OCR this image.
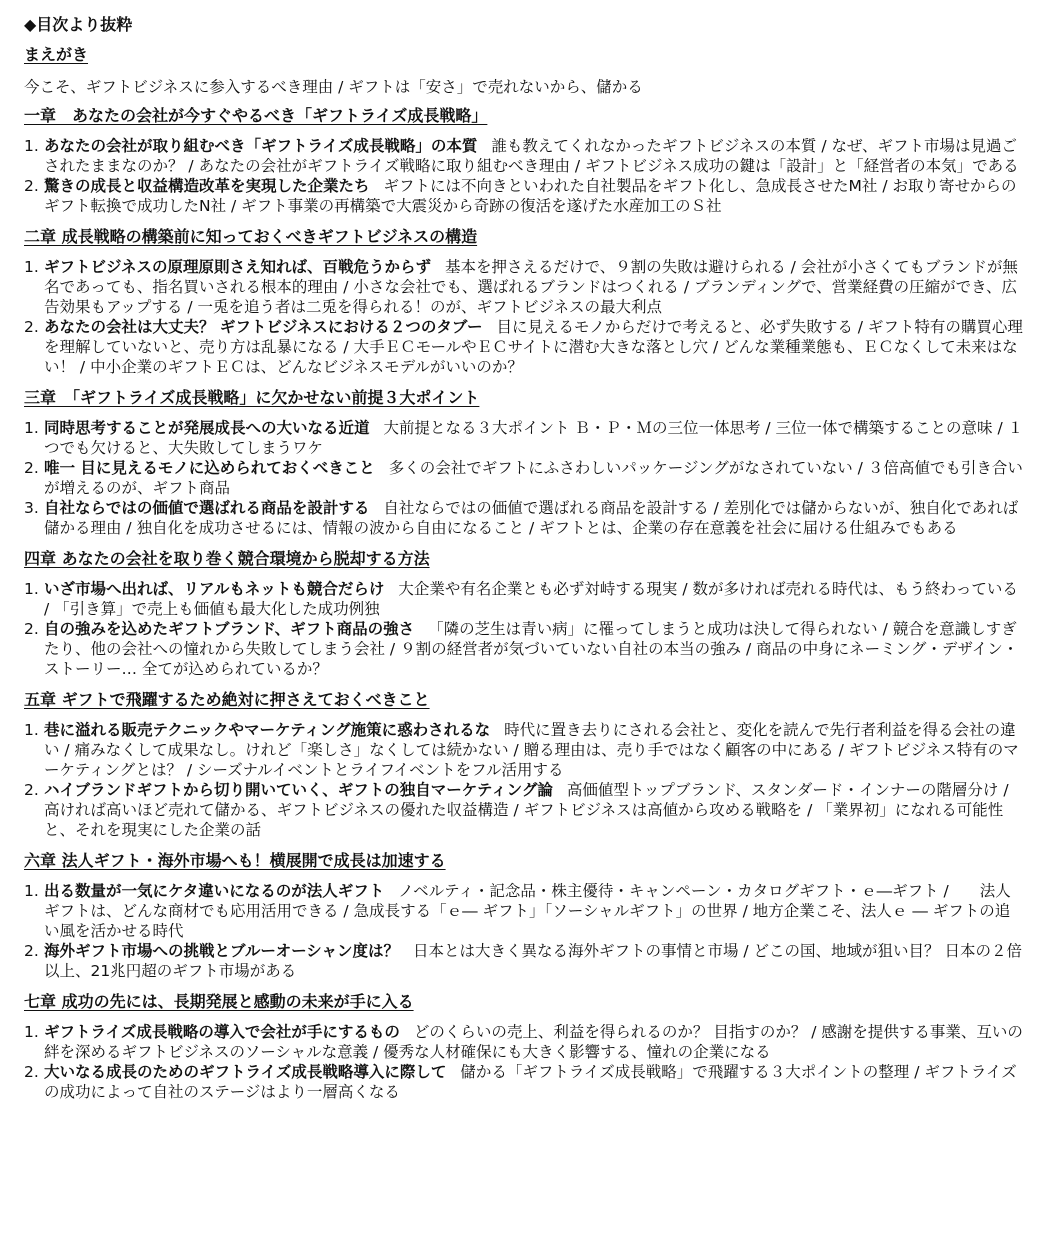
◆目次より抜粋
まえがき
今こそ、ギフトビジネスに参入するべき理由 / ギフトは「安さ」で売れないから、儲かる
一章　あなたの会社が今すぐやるべき「ギフトライズ成長戦略」
1. あなたの会社が取り組むべき「ギフトライズ成長戦略」の本質 誰も教えてくれなかったギフトビジネスの本質 / なぜ、ギフト市場は見過ごされたままなのか？ / あなたの会社がギフトライズ戦略に取り組むべき理由 / ギフトビジネス成功の鍵は「設計」と「経営者の本気」である
2. 驚きの成長と収益構造改革を実現した企業たち ギフトには不向きといわれた自社製品をギフト化し、急成長させたM社 / お取り寄せからのギフト転換で成功したN社 / ギフト事業の再構築で大震災から奇跡の復活を遂げた水産加工のＳ社
二章 成長戦略の構築前に知っておくべきギフトビジネスの構造
1. ギフトビジネスの原理原則さえ知れば、百戦危うからず 基本を押さえるだけで、９割の失敗は避けられる / 会社が小さくてもブランドが無名であっても、指名買いされる根本的理由 / 小さな会社でも、選ばれるブランドはつくれる / ブランディングで、営業経費の圧縮ができ、広告効果もアップする / 一兎を追う者は二兎を得られる！のが、ギフトビジネスの最大利点
2. あなたの会社は大丈夫？ ギフトビジネスにおける２つのタブー 目に見えるモノからだけで考えると、必ず失敗する / ギフト特有の購買心理を理解していないと、売り方は乱暴になる / 大手ＥＣモールやＥＣサイトに潜む大きな落とし穴 / どんな業種業態も、ＥＣなくして未来はない！ / 中小企業のギフトＥＣは、どんなビジネスモデルがいいのか？
三章　「ギフトライズ成長戦略」に欠かせない前提３大ポイント
1. 同時思考することが発展成長への大いなる近道 大前提となる３大ポイント Ｂ・Ｐ・Ｍの三位一体思考 / 三位一体で構築することの意味 / １つでも欠けると、大失敗してしまうワケ
2. 唯一 目に見えるモノに込められておくべきこと 多くの会社でギフトにふさわしいパッケージングがなされていない / ３倍高値でも引き合いが増えるのが、ギフト商品
3. 自社ならではの価値で選ばれる商品を設計する 自社ならではの価値で選ばれる商品を設計する / 差別化では儲からないが、独自化であれば儲かる理由 / 独自化を成功させるには、情報の波から自由になること / ギフトとは、企業の存在意義を社会に届ける仕組みでもある
四章 あなたの会社を取り巻く競合環境から脱却する方法
1. いざ市場へ出れば、リアルもネットも競合だらけ 大企業や有名企業とも必ず対峙する現実 / 数が多ければ売れる時代は、もう終わっている / 「引き算」で売上も価値も最大化した成功例独
2. 自の強みを込めたギフトブランド、ギフト商品の強さ 「隣の芝生は青い病」に罹ってしまうと成功は決して得られない / 競合を意識しすぎたり、他の会社への憧れから失敗してしまう会社 / ９割の経営者が気づいていない自社の本当の強み / 商品の中身にネーミング・デザイン・ストーリー… 全てが込められているか？
五章 ギフトで飛躍するため絶対に押さえておくべきこと
1. 巷に溢れる販売テクニックやマーケティング施策に惑わされるな 時代に置き去りにされる会社と、変化を読んで先行者利益を得る会社の違い / 痛みなくして成果なし。けれど「楽しさ」なくしては続かない / 贈る理由は、売り手ではなく顧客の中にある / ギフトビジネス特有のマーケティングとは？ / シーズナルイベントとライフイベントをフル活用する
2. ハイブランドギフトから切り開いていく、ギフトの独自マーケティング論 高価値型トップブランド、スタンダード・インナーの階層分け / 高ければ高いほど売れて儲かる、ギフトビジネスの優れた収益構造 / ギフトビジネスは高値から攻める戦略を / 「業界初」になれる可能性と、それを現実にした企業の話
六章 法人ギフト・海外市場へも！横展開で成長は加速する
1. 出る数量が一気にケタ違いになるのが法人ギフト ノベルティ・記念品・株主優待・キャンペーン・カタログギフト・ｅ―ギフト /　　法人ギフトは、どんな商材でも応用活用できる / 急成長する「ｅ― ギフト」「ソーシャルギフト」の世界 / 地方企業こそ、法人ｅ ― ギフトの追い風を活かせる時代
2. 海外ギフト市場への挑戦とブルーオーシャン度は？ 日本とは大きく異なる海外ギフトの事情と市場 / どこの国、地域が狙い目？ 日本の２倍以上、21兆円超のギフト市場がある
七章 成功の先には、長期発展と感動の未来が手に入る
1. ギフトライズ成長戦略の導入で会社が手にするもの どのくらいの売上、利益を得られるのか？ 目指すのか？ / 感謝を提供する事業、互いの絆を深めるギフトビジネスのソーシャルな意義 / 優秀な人材確保にも大きく影響する、憧れの企業になる
2. 大いなる成長のためのギフトライズ成長戦略導入に際して 儲かる「ギフトライズ成長戦略」で飛躍する３大ポイントの整理 / ギフトライズの成功によって自社のステージはより一層高くなる
